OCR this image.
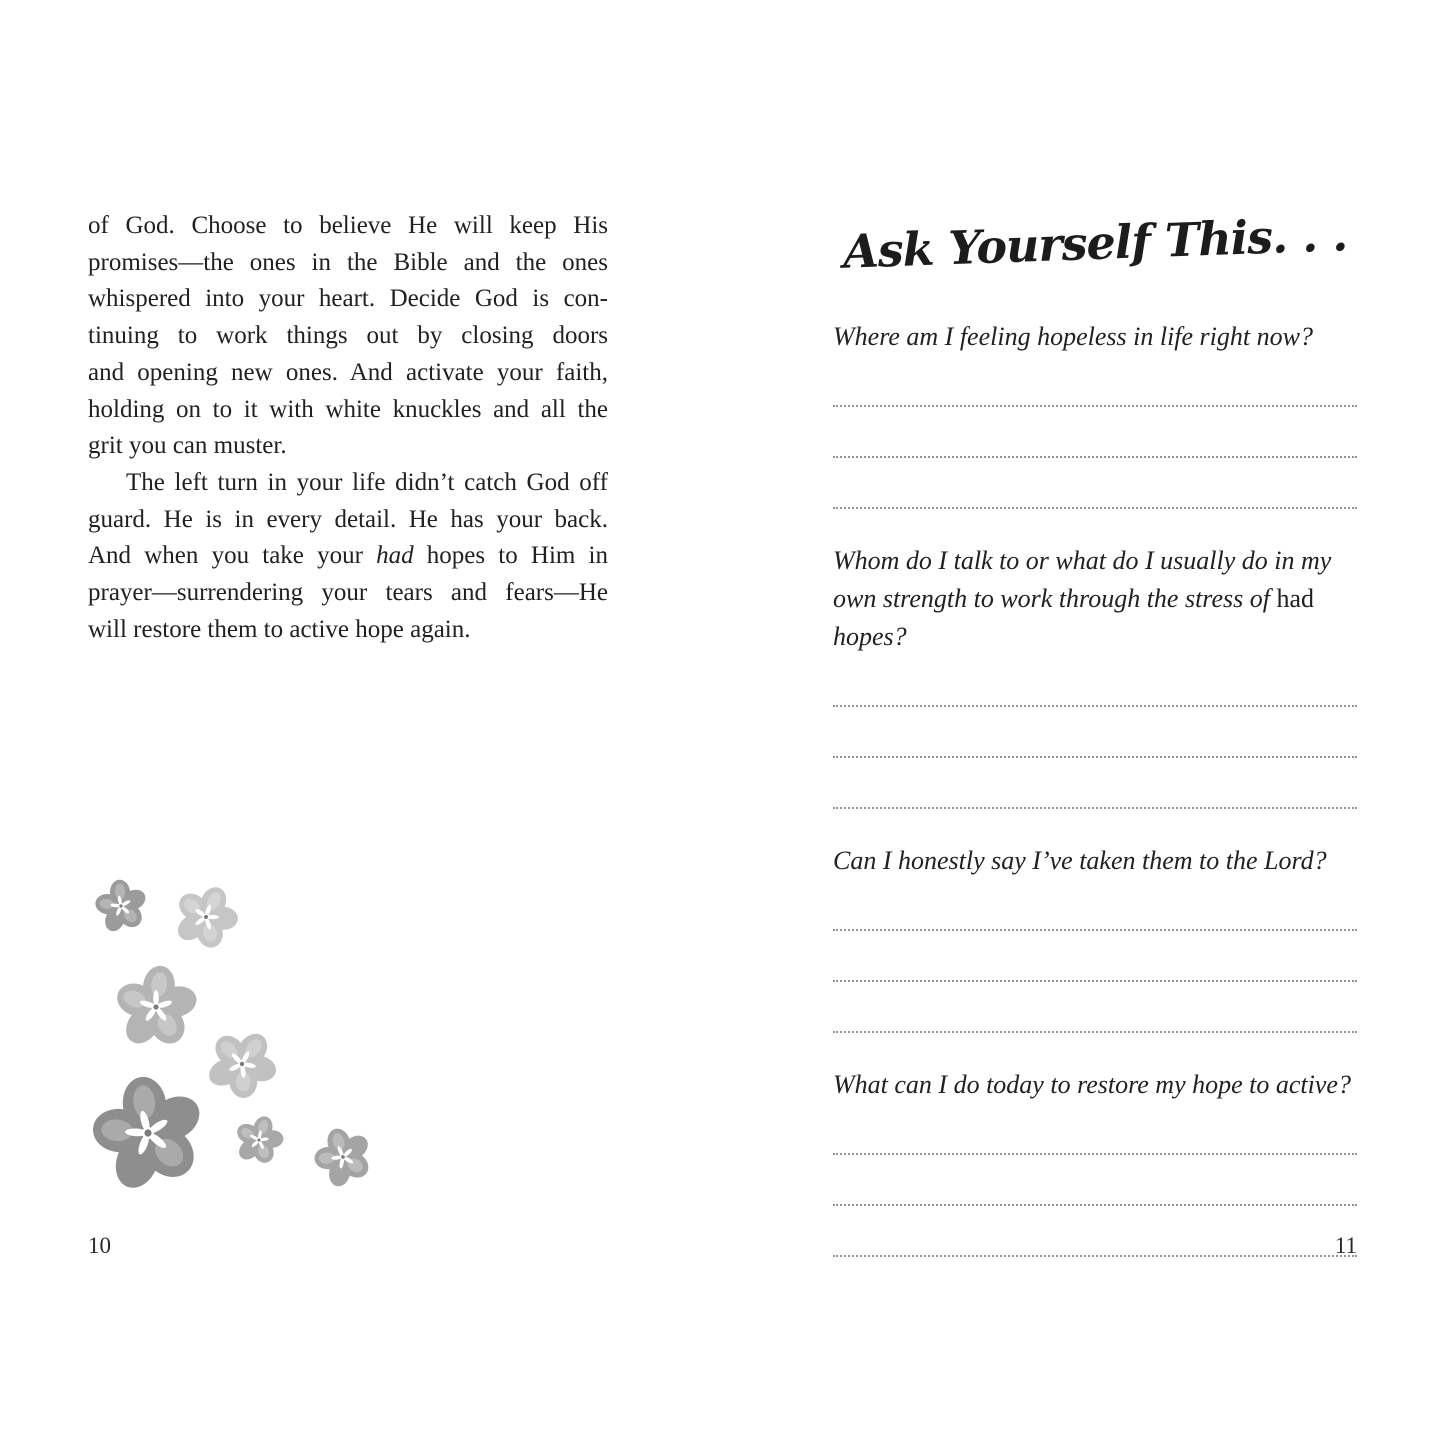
of God. Choose to believe He will keep His
promises—the ones in the Bible and the ones
whispered into your heart. Decide God is con-
tinuing to work things out by closing doors
and opening new ones. And activate your faith,
holding on to it with white knuckles and all the
grit you can muster.
The left turn in your life didn’t catch God off
guard. He is in every detail. He has your back.
And when you take your had hopes to Him in
prayer—surrendering your tears and fears—He
will restore them to active hope again.
10
Ask Yourself This. . .
Where am I feeling hopeless in life right now?
Whom do I talk to or what do I usually do in my
own strength to work through the stress of had
hopes?
Can I honestly say I’ve taken them to the Lord?
What can I do today to restore my hope to active?
11
